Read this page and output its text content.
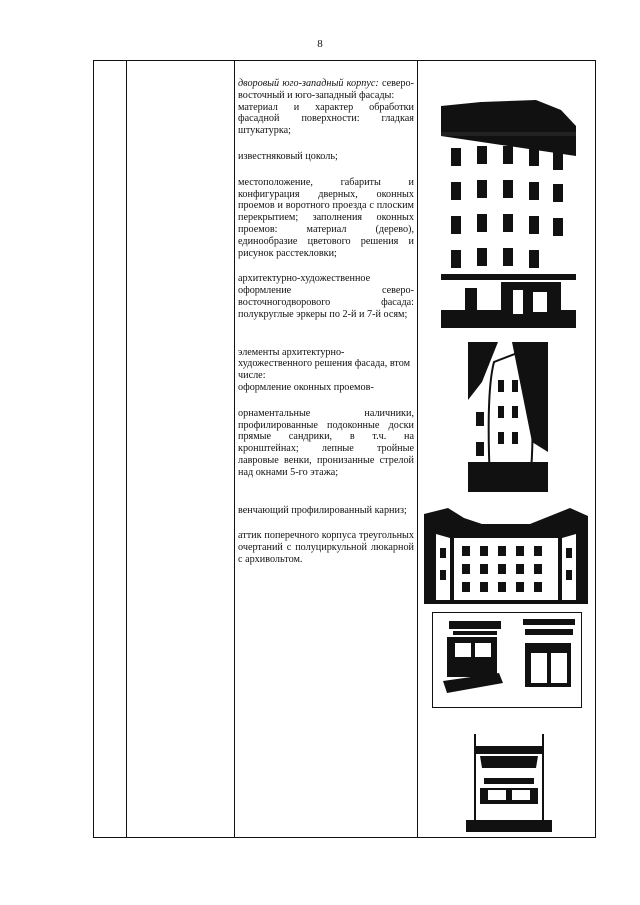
8

дворовый юго-западный корпус: северо-восточный и юго-западный фасады:

материал и характер обработки фасадной поверхности: гладкая штукатурка;

известняковый цоколь;

местоположение, габариты и конфигурация дверных, оконных проемов и воротного проезда с плоским перекрытием; заполнения оконных проемов: материал (дерево), единообразие цветового решения и рисунок расстекловки;

архитектурно-художественное оформление северо-восточногодворового фасада: полукруглые эркеры по 2-й и 7-й осям;

элементы архитектурно-художественного решения фасада, втом числе:

оформление оконных проемов-

орнаментальные наличники, профилированные подоконные доски прямые сандрики, в т.ч. на кронштейнах; лепные тройные лавровые венки, пронизанные стрелой над окнами 5-го этажа;

венчающий профилированный карниз;

аттик поперечного корпуса треугольных очертаний с полуциркульной люкарной с архивольтом.
